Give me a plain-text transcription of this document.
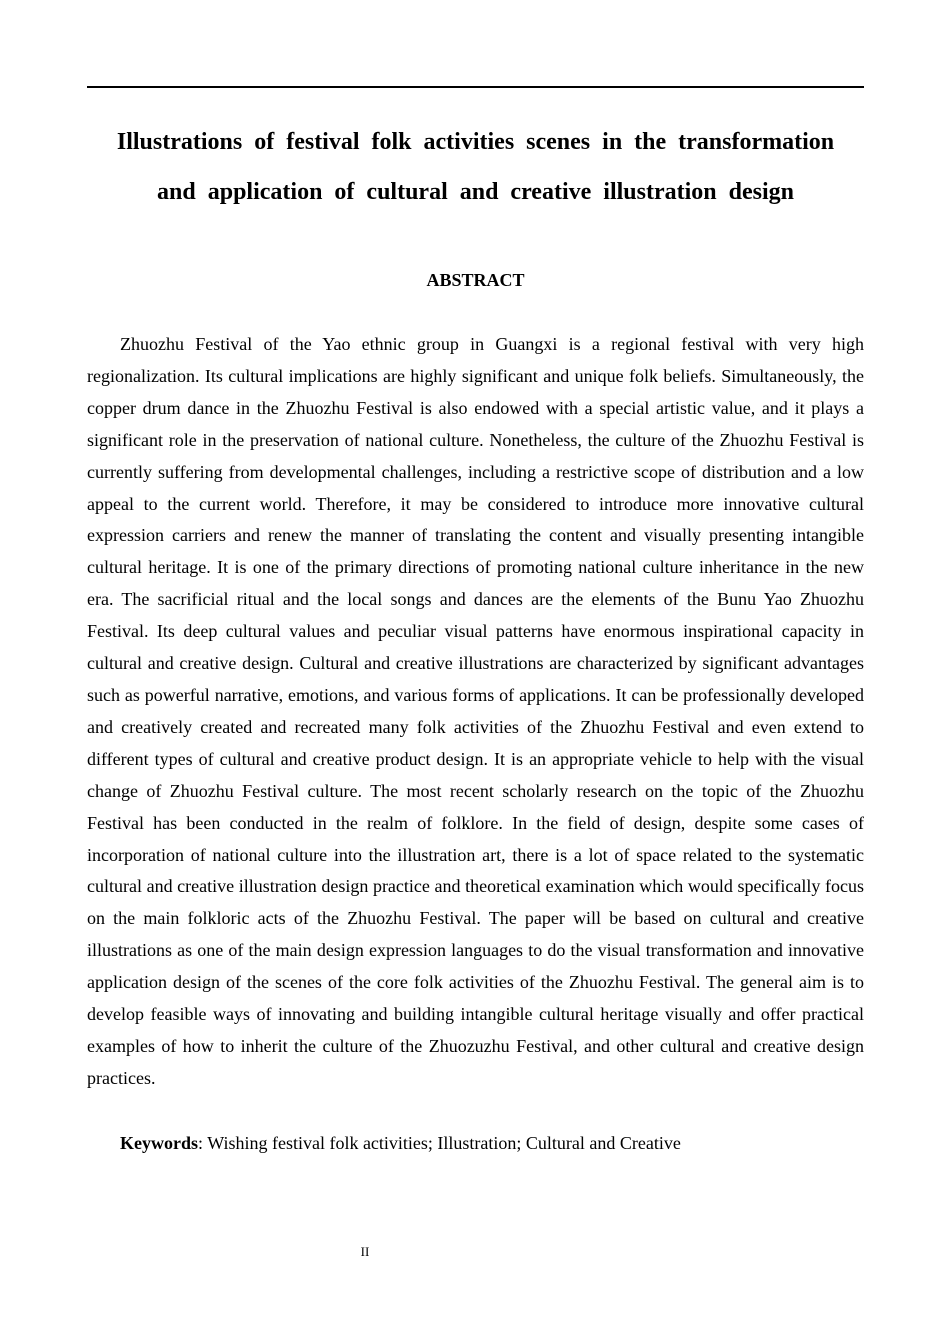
Illustrations of festival folk activities scenes in the transformation
and application of cultural and creative illustration design
ABSTRACT

Zhuozhu Festival of the Yao ethnic group in Guangxi is a regional festival with very high regionalization. Its cultural implications are highly significant and unique folk beliefs. Simultaneously, the copper drum dance in the Zhuozhu Festival is also endowed with a special artistic value, and it plays a significant role in the preservation of national culture. Nonetheless, the culture of the Zhuozhu Festival is currently suffering from developmental challenges, including a restrictive scope of distribution and a low appeal to the current world. Therefore, it may be considered to introduce more innovative cultural expression carriers and renew the manner of translating the content and visually presenting intangible cultural heritage. It is one of the primary directions of promoting national culture inheritance in the new era. The sacrificial ritual and the local songs and dances are the elements of the Bunu Yao Zhuozhu Festival. Its deep cultural values and peculiar visual patterns have enormous inspirational capacity in cultural and creative design. Cultural and creative illustrations are characterized by significant advantages such as powerful narrative, emotions, and various forms of applications. It can be professionally developed and creatively created and recreated many folk activities of the Zhuozhu Festival and even extend to different types of cultural and creative product design. It is an appropriate vehicle to help with the visual change of Zhuozhu Festival culture. The most recent scholarly research on the topic of the Zhuozhu Festival has been conducted in the realm of folklore. In the field of design, despite some cases of incorporation of national culture into the illustration art, there is a lot of space related to the systematic cultural and creative illustration design practice and theoretical examination which would specifically focus on the main folkloric acts of the Zhuozhu Festival. The paper will be based on cultural and creative illustrations as one of the main design expression languages to do the visual transformation and innovative application design of the scenes of the core folk activities of the Zhuozhu Festival. The general aim is to develop feasible ways of innovating and building intangible cultural heritage visually and offer practical examples of how to inherit the culture of the Zhuozuzhu Festival, and other cultural and creative design practices.

Keywords: Wishing festival folk activities; Illustration; Cultural and Creative

II
